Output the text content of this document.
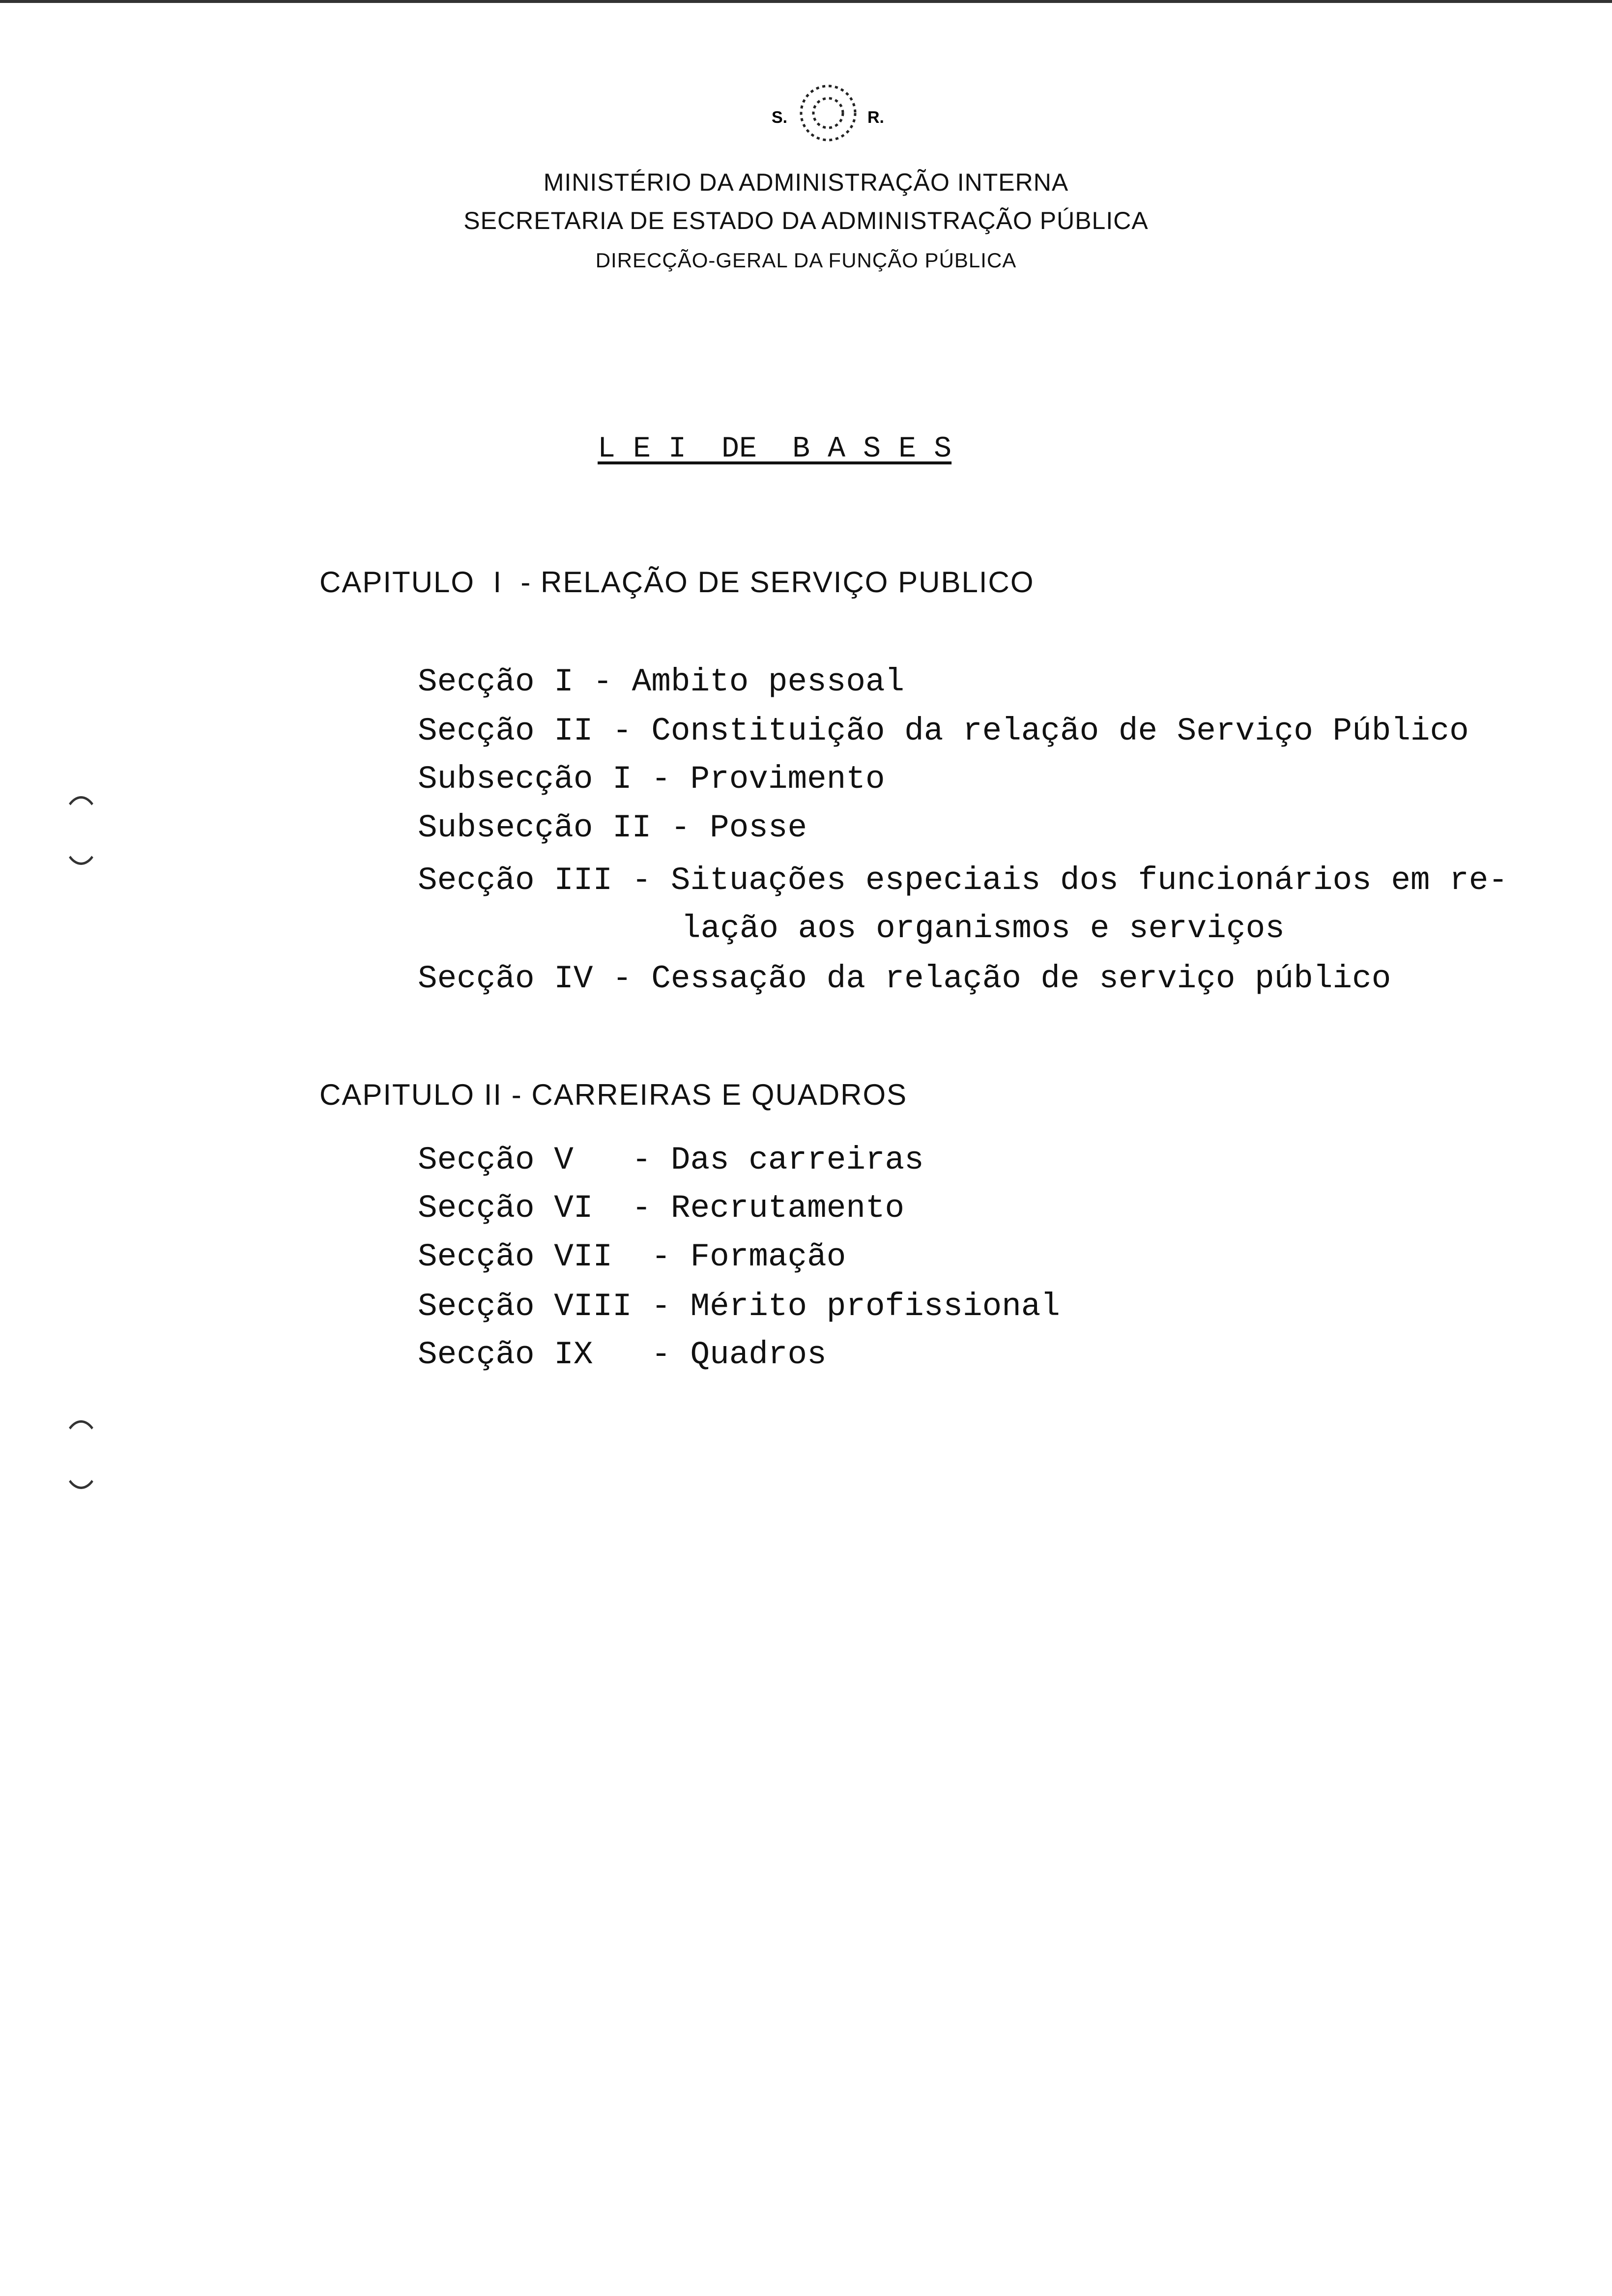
S.	R.
MINISTÉRIO DA ADMINISTRAÇÃO INTERNA
SECRETARIA DE ESTADO DA ADMINISTRAÇÃO PÚBLICA
DIRECÇÃO-GERAL DA FUNÇÃO PÚBLICA
L E I  DE  B A S E S
CAPITULO  I  - RELAÇÃO DE SERVIÇO PUBLICO
Secção I - Ambito pessoal
Secção II - Constituição da relação de Serviço Público
Subsecção I - Provimento
Subsecção II - Posse
Secção III - Situações especiais dos funcionários em re-
lação aos organismos e serviços
Secção IV - Cessação da relação de serviço público
CAPITULO II - CARREIRAS E QUADROS
Secção V   - Das carreiras
Secção VI  - Recrutamento
Secção VII  - Formação
Secção VIII - Mérito profissional
Secção IX   - Quadros
